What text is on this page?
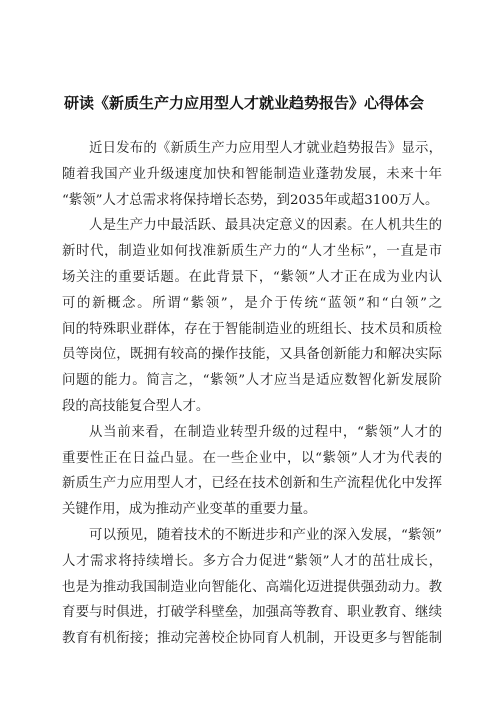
研读《新质生产力应用型人才就业趋势报告》心得体会
近日发布的《新质生产力应用型人才就业趋势报告》显示，
随着我国产业升级速度加快和智能制造业蓬勃发展，未来十年
“紫领”人才总需求将保持增长态势，到2035年或超3100万人。
人是生产力中最活跃、最具决定意义的因素。在人机共生的
新时代，制造业如何找准新质生产力的“人才坐标”，一直是市
场关注的重要话题。在此背景下，“紫领”人才正在成为业内认
可的新概念。所谓“紫领”，是介于传统“蓝领”和“白领”之
间的特殊职业群体，存在于智能制造业的班组长、技术员和质检
员等岗位，既拥有较高的操作技能，又具备创新能力和解决实际
问题的能力。简言之，“紫领”人才应当是适应数智化新发展阶
段的高技能复合型人才。
从当前来看，在制造业转型升级的过程中，“紫领”人才的
重要性正在日益凸显。在一些企业中，以“紫领”人才为代表的
新质生产力应用型人才，已经在技术创新和生产流程优化中发挥
关键作用，成为推动产业变革的重要力量。
可以预见，随着技术的不断进步和产业的深入发展，“紫领”
人才需求将持续增长。多方合力促进“紫领”人才的茁壮成长，
也是为推动我国制造业向智能化、高端化迈进提供强劲动力。教
育要与时俱进，打破学科壁垒，加强高等教育、职业教育、继续
教育有机衔接；推动完善校企协同育人机制，开设更多与智能制
